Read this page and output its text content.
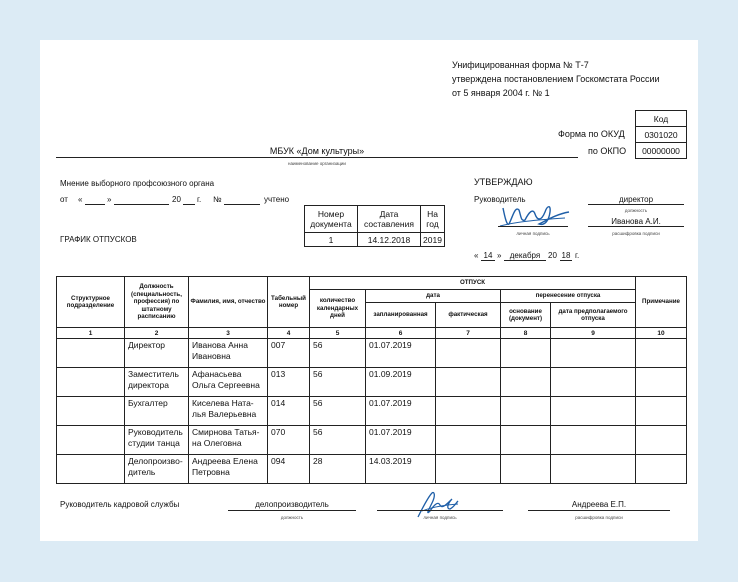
Унифицированная форма № Т-7
утверждена постановлением Госкомстата России
от 5 января 2004 г. № 1
Код
0301020
00000000
Форма по ОКУД
по ОКПО
МБУК «Дом культуры»
наименование организации
Мнение выборного профсоюзного органа
от «	»	20 г. №	учтено
ГРАФИК ОТПУСКОВ
Номер документа	Дата составления	На год
1	14.12.2018	2019
УТВЕРЖДАЮ
Руководитель	директор
должность
личная подпись
Иванова А.И.
расшифровка подписи
« 14 »	декабря 20 18 г.
Структурное подразделение	Должность (специальность, профессия) по штатному расписанию	Фамилия, имя, отчество	Табельный номер	ОТПУСК					Примечание
				количество календарных дней	дата		перенесение отпуска		
					запланированная	фактическая	основание (документ)	дата предполагаемого отпуска	
1	2	3	4	5	6	7	8	9	10
	Директор	Иванова Анна Ивановна	007	56	01.07.2019				
	Заместитель директора	Афанасьева Ольга Сергеевна	013	56	01.09.2019				
	Бухгалтер	Киселева Ната-лья Валерьевна	014	56	01.07.2019				
	Руководитель студии танца	Смирнова Татья-на Олеговна	070	56	01.07.2019				
	Делопроизво-дитель	Андреева Елена Петровна	094	28	14.03.2019				
Руководитель кадровой службы	делопроизводитель
должность	личная подпись
Андреева Е.П.
расшифровка подписи
